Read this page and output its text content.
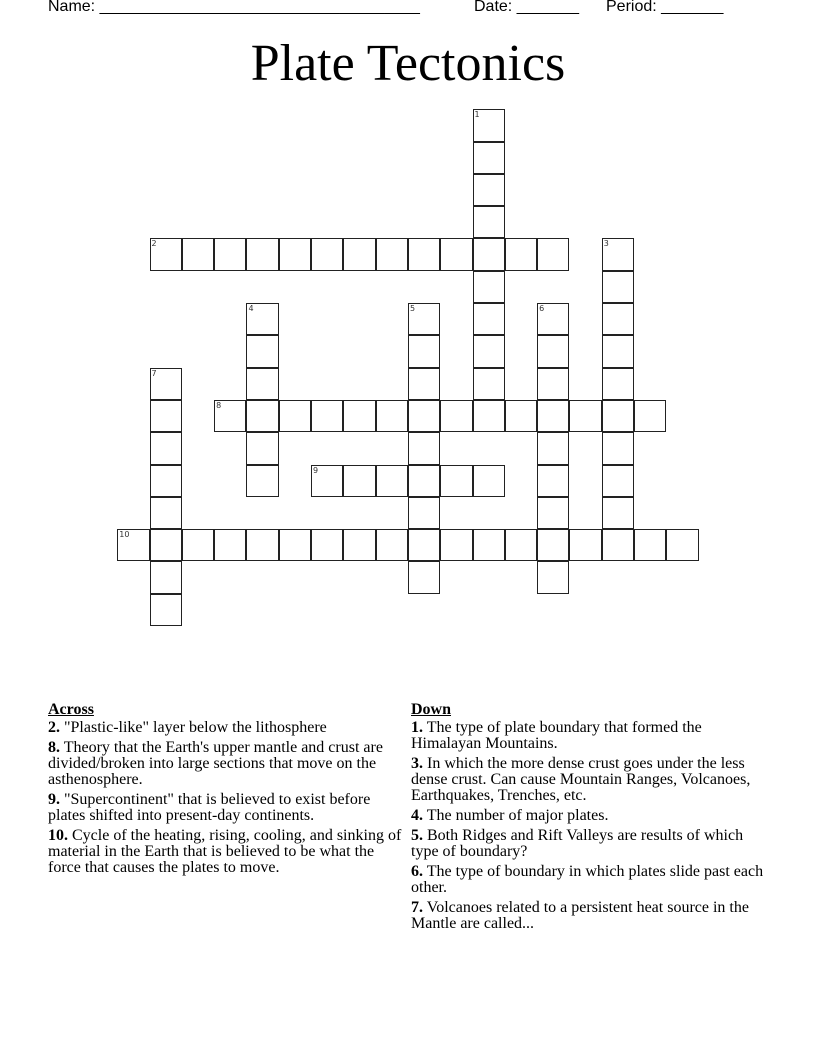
Name: ____________________________________	Date: _______ Period: _______
Plate Tectonics
1
2	3
4	5	6
7
8
9
10
Across
2. "Plastic-like" layer below the lithosphere
8. Theory that the Earth's upper mantle and crust are divided/broken into large sections that move on the asthenosphere.
9. "Supercontinent" that is believed to exist before plates shifted into present-day continents.
10. Cycle of the heating, rising, cooling, and sinking of material in the Earth that is believed to be what the force that causes the plates to move.
Down
1. The type of plate boundary that formed the Himalayan Mountains.
3. In which the more dense crust goes under the less dense crust. Can cause Mountain Ranges, Volcanoes, Earthquakes, Trenches, etc.
4. The number of major plates.
5. Both Ridges and Rift Valleys are results of which type of boundary?
6. The type of boundary in which plates slide past each other.
7. Volcanoes related to a persistent heat source in the Mantle are called...
